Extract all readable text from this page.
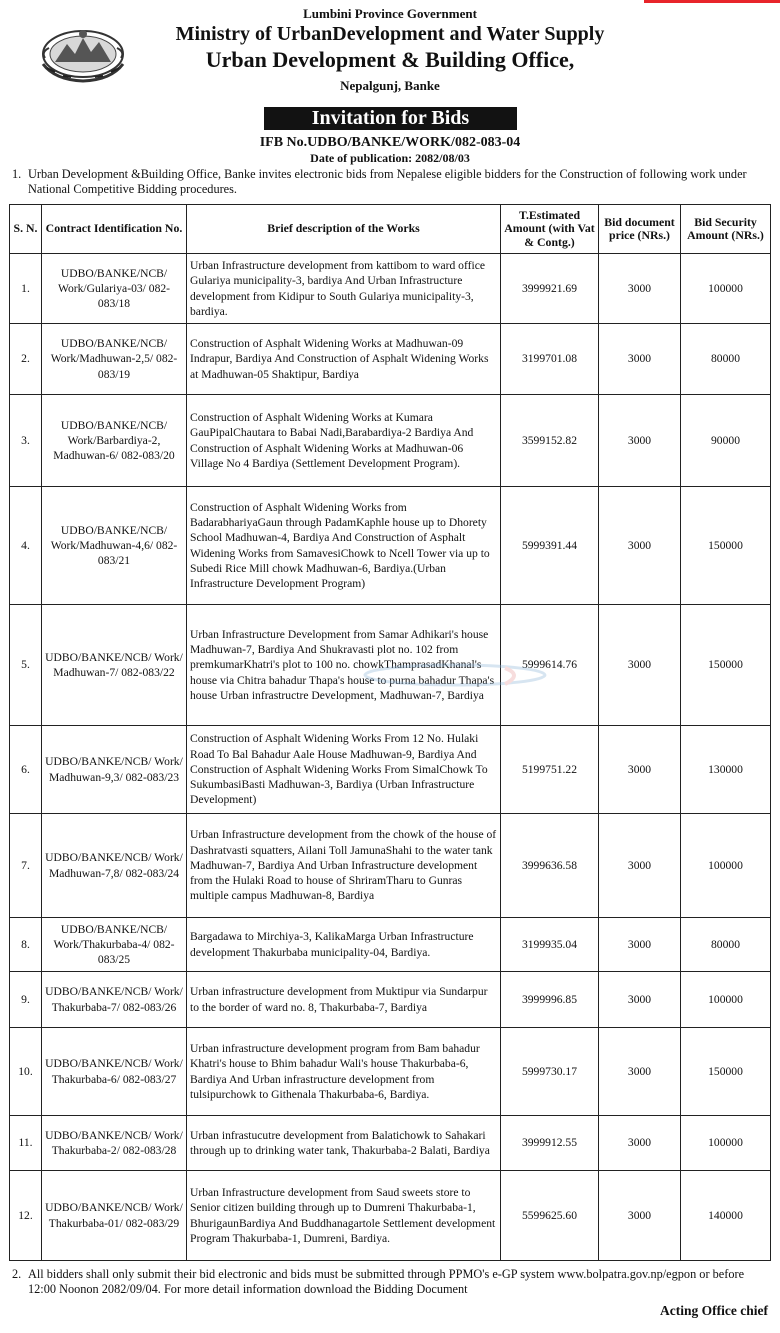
Lumbini Province Government
Ministry of UrbanDevelopment and Water Supply
Urban Development & Building Office,
Nepalgunj, Banke
Invitation for Bids
IFB No.UDBO/BANKE/WORK/082-083-04
Date of publication: 2082/08/03
1. Urban Development &Building Office, Banke invites electronic bids from Nepalese eligible bidders for the Construction of following work under National Competitive Bidding procedures.
S. N.	Contract Identification No.	Brief description of the Works	T.Estimated Amount (with Vat & Contg.)	Bid document price (NRs.)	Bid Security Amount (NRs.)
1.	UDBO/BANKE/NCB/ Work/Gulariya-03/ 082-083/18	Urban Infrastructure development from kattibom to ward office Gulariya municipality-3, bardiya And Urban Infrastructure development from Kidipur to South Gulariya municipality-3, bardiya.	3999921.69	3000	100000
2.	UDBO/BANKE/NCB/ Work/Madhuwan-2,5/ 082-083/19	Construction of Asphalt Widening Works at Madhuwan-09 Indrapur, Bardiya And Construction of Asphalt Widening Works at Madhuwan-05 Shaktipur, Bardiya	3199701.08	3000	80000
3.	UDBO/BANKE/NCB/ Work/Barbardiya-2, Madhuwan-6/ 082-083/20	Construction of Asphalt Widening Works at Kumara GauPipalChautara to Babai Nadi,Barabardiya-2 Bardiya And Construction of Asphalt Widening Works at Madhuwan-06 Village No 4 Bardiya (Settlement Development Program).	3599152.82	3000	90000
4.	UDBO/BANKE/NCB/ Work/Madhuwan-4,6/ 082-083/21	Construction of Asphalt Widening Works from BadarabhariyaGaun through PadamKaphle house up to Dhorety School Madhuwan-4, Bardiya And Construction of Asphalt Widening Works from SamavesiChowk to Ncell Tower via up to Subedi Rice Mill chowk Madhuwan-6, Bardiya.(Urban Infrastructure Development Program)	5999391.44	3000	150000
5.	UDBO/BANKE/NCB/ Work/ Madhuwan-7/ 082-083/22	Urban Infrastructure Development from Samar Adhikari's house Madhuwan-7, Bardiya And Shukravasti plot no. 102 from premkumarKhatri's plot to 100 no. chowkThamprasadKhanal's house via Chitra bahadur Thapa's house to purna bahadur Thapa's house Urban infrastructre Development, Madhuwan-7, Bardiya	5999614.76	3000	150000
6.	UDBO/BANKE/NCB/ Work/ Madhuwan-9,3/ 082-083/23	Construction of Asphalt Widening Works From 12 No. Hulaki Road To Bal Bahadur Aale House Madhuwan-9, Bardiya And Construction of Asphalt Widening Works From SimalChowk To SukumbasiBasti Madhuwan-3, Bardiya (Urban Infrastructure Development)	5199751.22	3000	130000
7.	UDBO/BANKE/NCB/ Work/ Madhuwan-7,8/ 082-083/24	Urban Infrastructure development from the chowk of the house of Dashratvasti squatters, Ailani Toll JamunaShahi to the water tank Madhuwan-7, Bardiya And Urban Infrastructure development from the Hulaki Road to house of ShriramTharu to Gunras multiple campus Madhuwan-8, Bardiya	3999636.58	3000	100000
8.	UDBO/BANKE/NCB/ Work/Thakurbaba-4/ 082-083/25	Bargadawa to Mirchiya-3, KalikaMarga Urban Infrastructure development Thakurbaba municipality-04, Bardiya.	3199935.04	3000	80000
9.	UDBO/BANKE/NCB/ Work/ Thakurbaba-7/ 082-083/26	Urban infrastructure development from Muktipur via Sundarpur to the border of ward no. 8, Thakurbaba-7, Bardiya	3999996.85	3000	100000
10.	UDBO/BANKE/NCB/ Work/ Thakurbaba-6/ 082-083/27	Urban infrastructure development program from Bam bahadur Khatri's house to Bhim bahadur Wali's house Thakurbaba-6, Bardiya And Urban infrastructure development from tulsipurchowk to Githenala Thakurbaba-6, Bardiya.	5999730.17	3000	150000
11.	UDBO/BANKE/NCB/ Work/ Thakurbaba-2/ 082-083/28	Urban infrastucutre development from Balatichowk to Sahakari through up to drinking water tank, Thakurbaba-2 Balati, Bardiya	3999912.55	3000	100000
12.	UDBO/BANKE/NCB/ Work/ Thakurbaba-01/ 082-083/29	Urban Infrastructure development from Saud sweets store to Senior citizen building through up to Dumreni Thakurbaba-1, BhurigaunBardiya And Buddhanagartole Settlement development Program Thakurbaba-1, Dumreni, Bardiya.	5599625.60	3000	140000
2. All bidders shall only submit their bid electronic and bids must be submitted through PPMO's e-GP system www.bolpatra.gov.np/egpon or before 12:00 Noonon 2082/09/04. For more detail information download the Bidding Document
Acting Office chief
